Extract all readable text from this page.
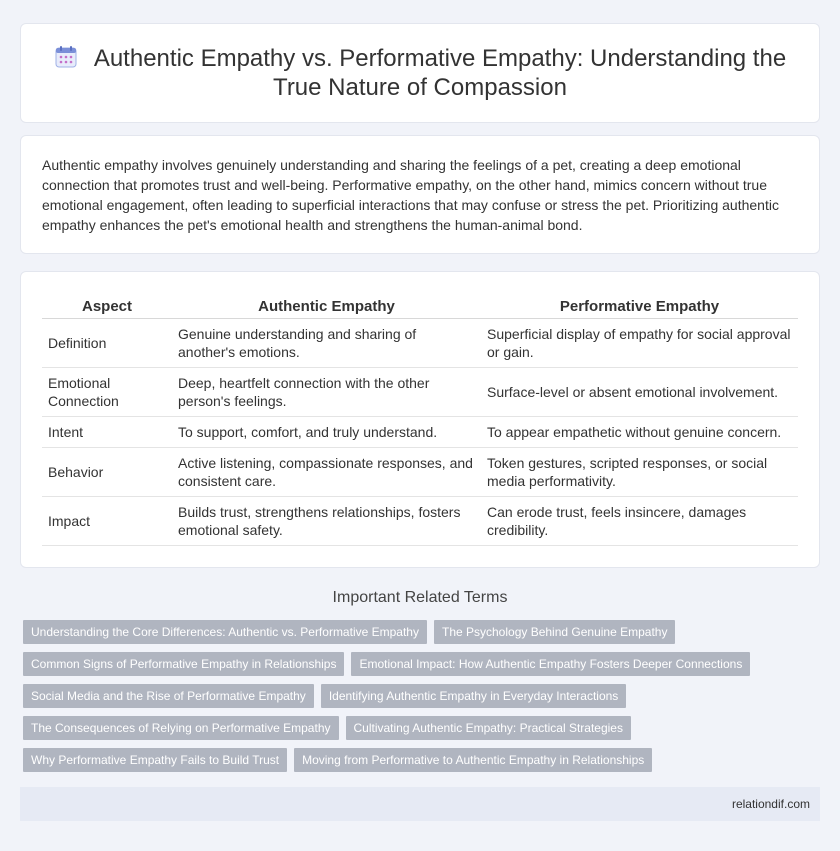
Authentic Empathy vs. Performative Empathy: Understanding the True Nature of Compassion

Authentic empathy involves genuinely understanding and sharing the feelings of a pet, creating a deep emotional connection that promotes trust and well-being. Performative empathy, on the other hand, mimics concern without true emotional engagement, often leading to superficial interactions that may confuse or stress the pet. Prioritizing authentic empathy enhances the pet's emotional health and strengthens the human-animal bond.

Aspect	Authentic Empathy	Performative Empathy
Definition	Genuine understanding and sharing of another's emotions.	Superficial display of empathy for social approval or gain.
Emotional Connection	Deep, heartfelt connection with the other person's feelings.	Surface-level or absent emotional involvement.
Intent	To support, comfort, and truly understand.	To appear empathetic without genuine concern.
Behavior	Active listening, compassionate responses, and consistent care.	Token gestures, scripted responses, or social media performativity.
Impact	Builds trust, strengthens relationships, fosters emotional safety.	Can erode trust, feels insincere, damages credibility.
Important Related Terms
Understanding the Core Differences: Authentic vs. Performative Empathy	The Psychology Behind Genuine Empathy
Common Signs of Performative Empathy in Relationships	Emotional Impact: How Authentic Empathy Fosters Deeper Connections
Social Media and the Rise of Performative Empathy	Identifying Authentic Empathy in Everyday Interactions
The Consequences of Relying on Performative Empathy	Cultivating Authentic Empathy: Practical Strategies
Why Performative Empathy Fails to Build Trust	Moving from Performative to Authentic Empathy in Relationships
relationdif.com
